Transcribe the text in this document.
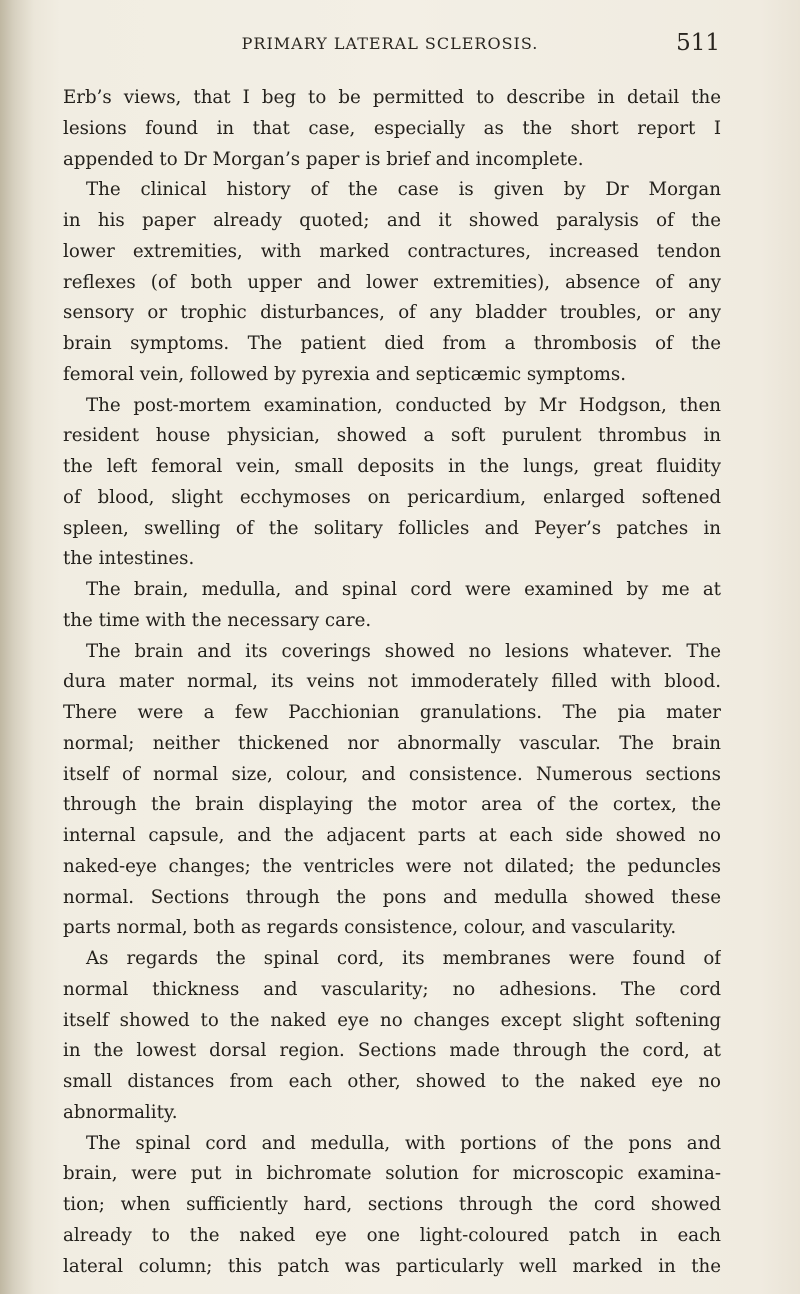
PRIMARY LATERAL SCLEROSIS.	511
Erb’s views, that I beg to be permitted to describe in detail the
lesions found in that case, especially as the short report I
appended to Dr Morgan’s paper is brief and incomplete.
The clinical history of the case is given by Dr Morgan
in his paper already quoted; and it showed paralysis of the
lower extremities, with marked contractures, increased tendon
reflexes (of both upper and lower extremities), absence of any
sensory or trophic disturbances, of any bladder troubles, or any
brain symptoms. The patient died from a thrombosis of the
femoral vein, followed by pyrexia and septicæmic symptoms.
The post-mortem examination, conducted by Mr Hodgson, then
resident house physician, showed a soft purulent thrombus in
the left femoral vein, small deposits in the lungs, great fluidity
of blood, slight ecchymoses on pericardium, enlarged softened
spleen, swelling of the solitary follicles and Peyer’s patches in
the intestines.
The brain, medulla, and spinal cord were examined by me at
the time with the necessary care.
The brain and its coverings showed no lesions whatever. The
dura mater normal, its veins not immoderately filled with blood.
There were a few Pacchionian granulations. The pia mater
normal; neither thickened nor abnormally vascular. The brain
itself of normal size, colour, and consistence. Numerous sections
through the brain displaying the motor area of the cortex, the
internal capsule, and the adjacent parts at each side showed no
naked-eye changes; the ventricles were not dilated; the peduncles
normal. Sections through the pons and medulla showed these
parts normal, both as regards consistence, colour, and vascularity.
As regards the spinal cord, its membranes were found of
normal thickness and vascularity; no adhesions. The cord
itself showed to the naked eye no changes except slight softening
in the lowest dorsal region. Sections made through the cord, at
small distances from each other, showed to the naked eye no
abnormality.
The spinal cord and medulla, with portions of the pons and
brain, were put in bichromate solution for microscopic examina-
tion; when sufficiently hard, sections through the cord showed
already to the naked eye one light-coloured patch in each
lateral column; this patch was particularly well marked in the
